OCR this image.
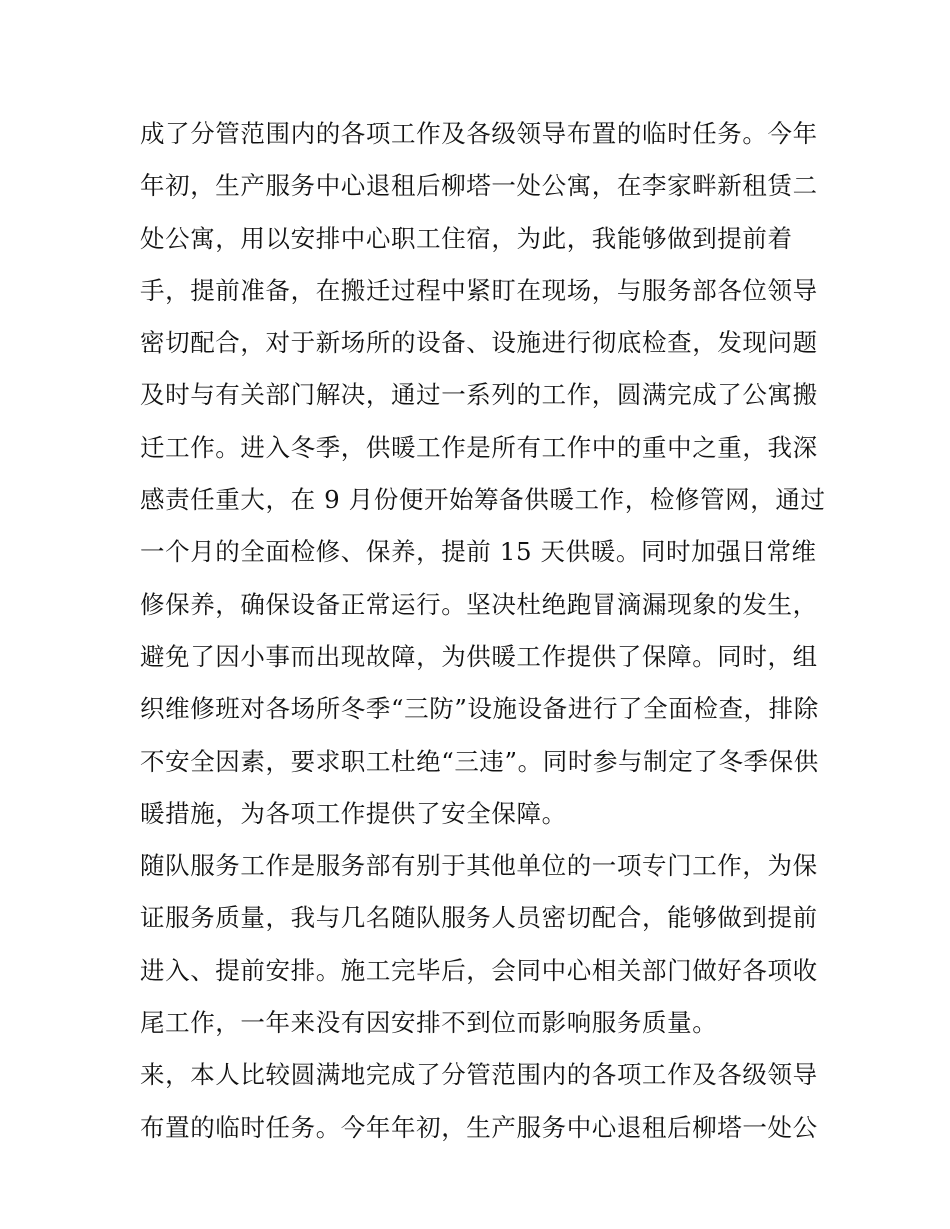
成了分管范围内的各项工作及各级领导布置的临时任务。今年
年初，生产服务中心退租后柳塔一处公寓，在李家畔新租赁二
处公寓，用以安排中心职工住宿，为此，我能够做到提前着
手，提前准备，在搬迁过程中紧盯在现场，与服务部各位领导
密切配合，对于新场所的设备、设施进行彻底检查，发现问题
及时与有关部门解决，通过一系列的工作，圆满完成了公寓搬
迁工作。进入冬季，供暖工作是所有工作中的重中之重，我深
感责任重大，在 9 月份便开始筹备供暖工作，检修管网，通过
一个月的全面检修、保养，提前 15 天供暖。同时加强日常维
修保养，确保设备正常运行。坚决杜绝跑冒滴漏现象的发生，
避免了因小事而出现故障，为供暖工作提供了保障。同时，组
织维修班对各场所冬季“三防”设施设备进行了全面检查，排除
不安全因素，要求职工杜绝“三违”。同时参与制定了冬季保供
暖措施，为各项工作提供了安全保障。
随队服务工作是服务部有别于其他单位的一项专门工作，为保
证服务质量，我与几名随队服务人员密切配合，能够做到提前
进入、提前安排。施工完毕后，会同中心相关部门做好各项收
尾工作，一年来没有因安排不到位而影响服务质量。
来，本人比较圆满地完成了分管范围内的各项工作及各级领导
布置的临时任务。今年年初，生产服务中心退租后柳塔一处公
